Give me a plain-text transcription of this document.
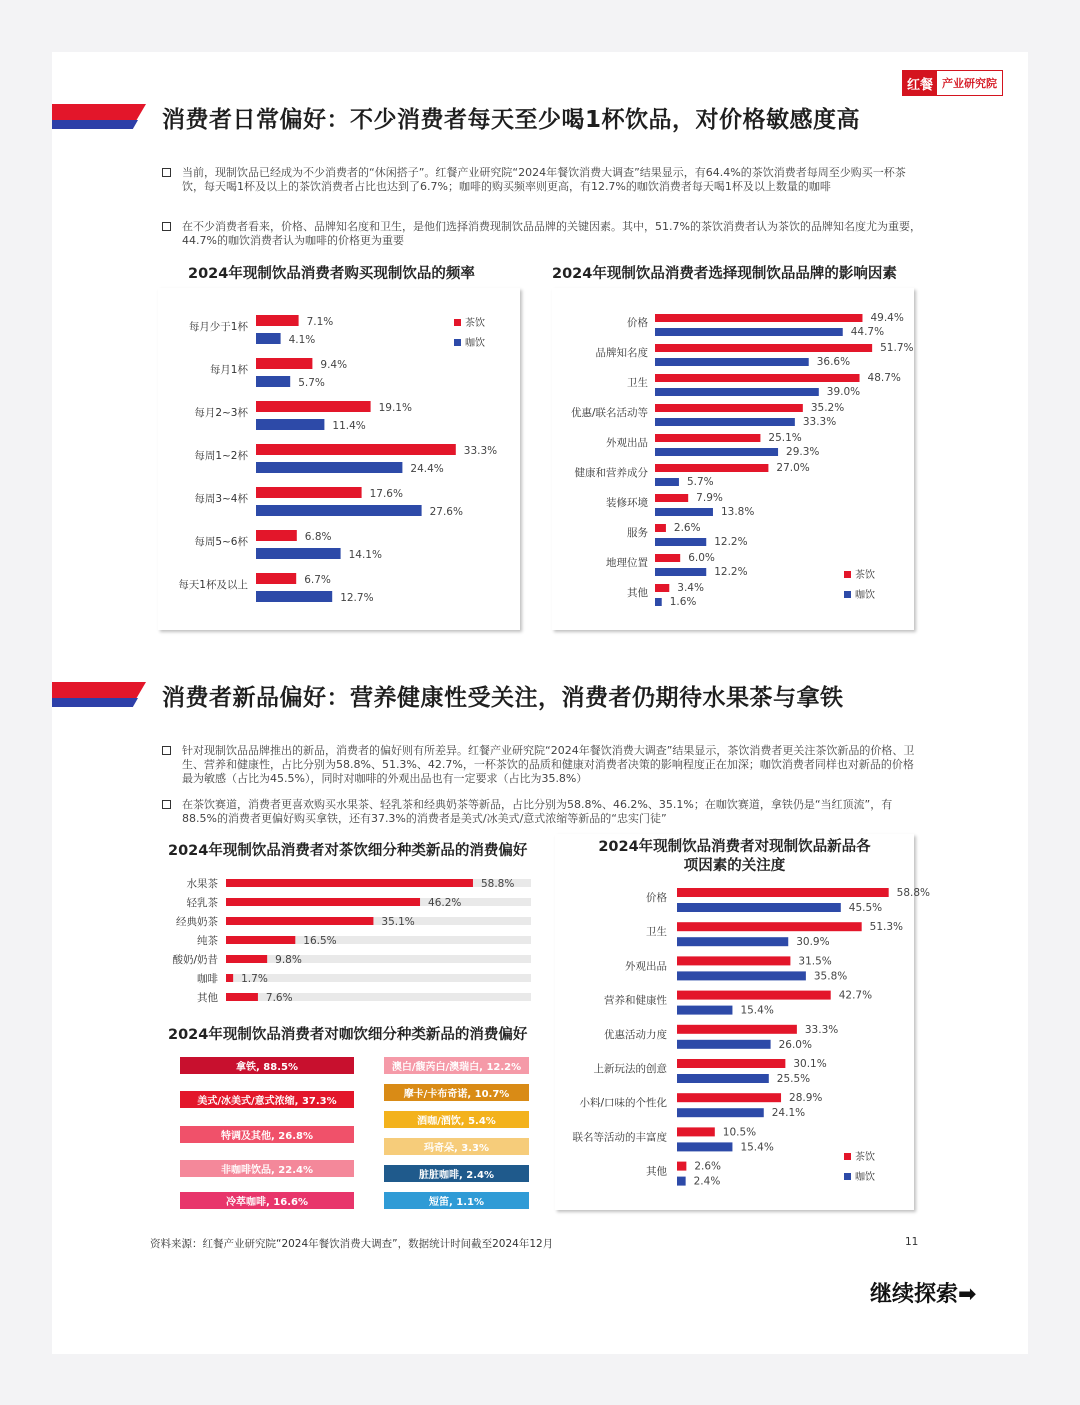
红餐 产业研究院
消费者日常偏好：不少消费者每天至少喝1杯饮品，对价格敏感度高
当前，现制饮品已经成为不少消费者的“休闲搭子”。红餐产业研究院“2024年餐饮消费大调查”结果显示，有64.4%的茶饮消费者每周至少购买一杯茶饮，每天喝1杯及以上的茶饮消费者占比也达到了6.7%；咖啡的购买频率则更高，有12.7%的咖饮消费者每天喝1杯及以上数量的咖啡
在不少消费者看来，价格、品牌知名度和卫生，是他们选择消费现制饮品品牌的关键因素。其中，51.7%的茶饮消费者认为茶饮的品牌知名度尤为重要，44.7%的咖饮消费者认为咖啡的价格更为重要
2024年现制饮品消费者购买现制饮品的频率	2024年现制饮品消费者选择现制饮品品牌的影响因素
每月少于1杯	7.1%
4.1%
每月1杯	9.4%
5.7%
每月2~3杯	19.1%
11.4%
每周1~2杯	33.3%
24.4%
每周3~4杯	17.6%
27.6%
每周5~6杯	6.8%
14.1%
每天1杯及以上	6.7%
12.7%
茶饮
咖饮
价格	49.4%
44.7%
品牌知名度	51.7%
36.6%
卫生	48.7%
39.0%
优惠/联名活动等	35.2%
33.3%
外观出品	25.1%
29.3%
健康和营养成分	27.0%
5.7%
装修环境	7.9%
13.8%
服务 2.6%
12.2%
地理位置	6.0%
12.2%
其他	3.4%
1.6%
茶饮
咖饮
消费者新品偏好：营养健康性受关注，消费者仍期待水果茶与拿铁
针对现制饮品品牌推出的新品，消费者的偏好则有所差异。红餐产业研究院“2024年餐饮消费大调查”结果显示，茶饮消费者更关注茶饮新品的价格、卫生、营养和健康性，占比分别为58.8%、51.3%、42.7%，一杯茶饮的品质和健康对消费者决策的影响程度正在加深；咖饮消费者同样也对新品的价格最为敏感（占比为45.5%），同时对咖啡的外观出品也有一定要求（占比为35.8%）
在茶饮赛道，消费者更喜欢购买水果茶、轻乳茶和经典奶茶等新品，占比分别为58.8%、46.2%、35.1%；在咖饮赛道，拿铁仍是“当红顶流”，有88.5%的消费者更偏好购买拿铁，还有37.3%的消费者是美式/冰美式/意式浓缩等新品的“忠实门徒”
2024年现制饮品消费者对茶饮细分种类新品的消费偏好
水果茶	58.8%
轻乳茶	46.2%
经典奶茶	35.1%
纯茶	16.5%
酸奶/奶昔	9.8%
咖啡 1.7%
其他	7.6%
2024年现制饮品消费者对咖饮细分种类新品的消费偏好
拿铁, 88.5%
美式/冰美式/意式浓缩, 37.3%
特调及其他, 26.8%
非咖啡饮品, 22.4%
冷萃咖啡, 16.6%
澳白/馥芮白/澳瑞白, 12.2%
摩卡/卡布奇诺, 10.7%
酒咖/酒饮, 5.4%
玛奇朵, 3.3%
脏脏咖啡, 2.4%
短笛, 1.1%
2024年现制饮品消费者对现制饮品新品各项因素的关注度
价格	58.8%
45.5%
卫生	51.3%
30.9%
外观出品	31.5%
35.8%
营养和健康性	42.7%
15.4%
优惠活动力度	33.3%
26.0%
上新玩法的创意	30.1%
25.5%
小料/口味的个性化	28.9%
24.1%
联名等活动的丰富度	10.5%
15.4%
其他	2.6%
2.4%
茶饮
咖饮
资料来源：红餐产业研究院“2024年餐饮消费大调查”，数据统计时间截至2024年12月	11
继续探索➡
